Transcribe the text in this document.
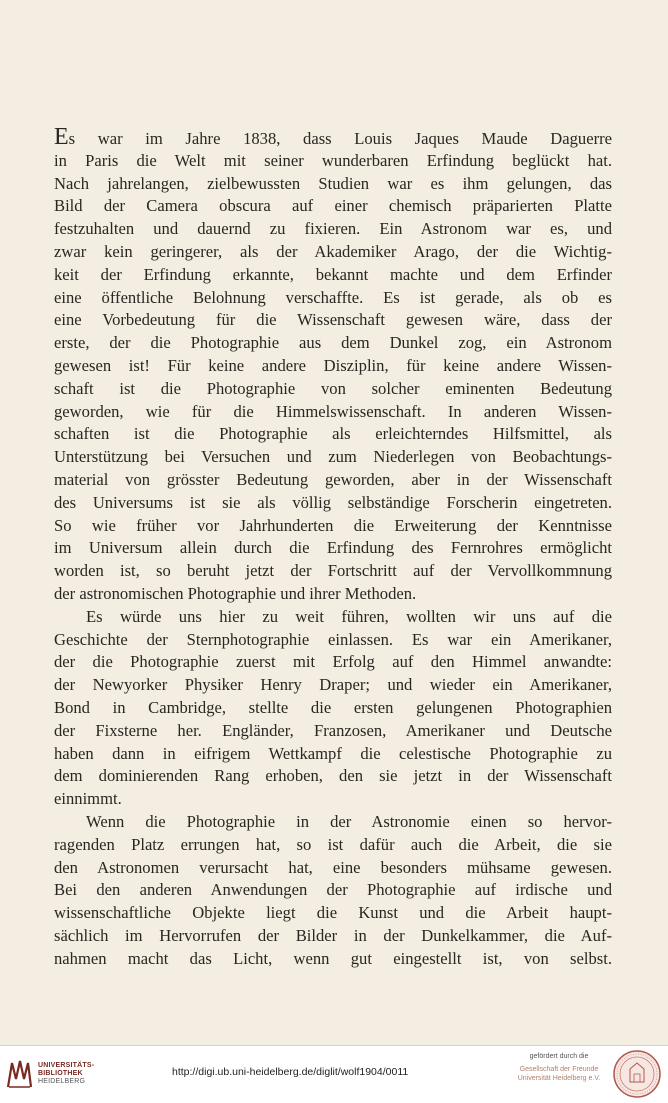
Es war im Jahre 1838, dass Louis Jaques Maude Daguerre
in Paris die Welt mit seiner wunderbaren Erfindung beglückt hat.
Nach jahrelangen, zielbewussten Studien war es ihm gelungen, das
Bild der Camera obscura auf einer chemisch präparierten Platte
festzuhalten und dauernd zu fixieren. Ein Astronom war es, und
zwar kein geringerer, als der Akademiker Arago, der die Wichtig-
keit der Erfindung erkannte, bekannt machte und dem Erfinder
eine öffentliche Belohnung verschaffte. Es ist gerade, als ob es
eine Vorbedeutung für die Wissenschaft gewesen wäre, dass der
erste, der die Photographie aus dem Dunkel zog, ein Astronom
gewesen ist! Für keine andere Disziplin, für keine andere Wissen-
schaft ist die Photographie von solcher eminenten Bedeutung
geworden, wie für die Himmelswissenschaft. In anderen Wissen-
schaften ist die Photographie als erleichterndes Hilfsmittel, als
Unterstützung bei Versuchen und zum Niederlegen von Beobachtungs-
material von grösster Bedeutung geworden, aber in der Wissenschaft
des Universums ist sie als völlig selbständige Forscherin eingetreten.
So wie früher vor Jahrhunderten die Erweiterung der Kenntnisse
im Universum allein durch die Erfindung des Fernrohres ermöglicht
worden ist, so beruht jetzt der Fortschritt auf der Vervollkommnung
der astronomischen Photographie und ihrer Methoden.
Es würde uns hier zu weit führen, wollten wir uns auf die
Geschichte der Sternphotographie einlassen. Es war ein Amerikaner,
der die Photographie zuerst mit Erfolg auf den Himmel anwandte:
der Newyorker Physiker Henry Draper; und wieder ein Amerikaner,
Bond in Cambridge, stellte die ersten gelungenen Photographien
der Fixsterne her. Engländer, Franzosen, Amerikaner und Deutsche
haben dann in eifrigem Wettkampf die celestische Photographie zu
dem dominierenden Rang erhoben, den sie jetzt in der Wissenschaft
einnimmt.
Wenn die Photographie in der Astronomie einen so hervor-
ragenden Platz errungen hat, so ist dafür auch die Arbeit, die sie
den Astronomen verursacht hat, eine besonders mühsame gewesen.
Bei den anderen Anwendungen der Photographie auf irdische und
wissenschaftliche Objekte liegt die Kunst und die Arbeit haupt-
sächlich im Hervorrufen der Bilder in der Dunkelkammer, die Auf-
nahmen macht das Licht, wenn gut eingestellt ist, von selbst.
UNIVERSITÄTS-
BIBLIOTHEK
HEIDELBERG
http://digi.ub.uni-heidelberg.de/diglit/wolf1904/0011
gefördert durch die
Gesellschaft der Freunde
Universität Heidelberg e.V.
